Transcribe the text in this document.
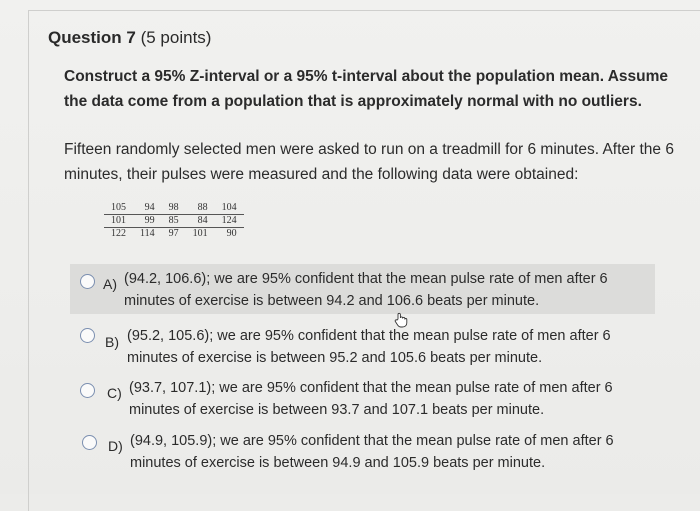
Question 7 (5 points)
Construct a 95% Z-interval or a 95% t-interval about the population mean. Assume the data come from a population that is approximately normal with no outliers.
Fifteen randomly selected men were asked to run on a treadmill for 6 minutes. After the 6 minutes, their pulses were measured and the following data were obtained:
105	94	98	88	104
101	99	85	84	124
122	114	97	101	90
A) (94.2, 106.6); we are 95% confident that the mean pulse rate of men after 6 minutes of exercise is between 94.2 and 106.6 beats per minute.
B) (95.2, 105.6); we are 95% confident that the mean pulse rate of men after 6 minutes of exercise is between 95.2 and 105.6 beats per minute.
C) (93.7, 107.1); we are 95% confident that the mean pulse rate of men after 6 minutes of exercise is between 93.7 and 107.1 beats per minute.
D) (94.9, 105.9); we are 95% confident that the mean pulse rate of men after 6 minutes of exercise is between 94.9 and 105.9 beats per minute.
